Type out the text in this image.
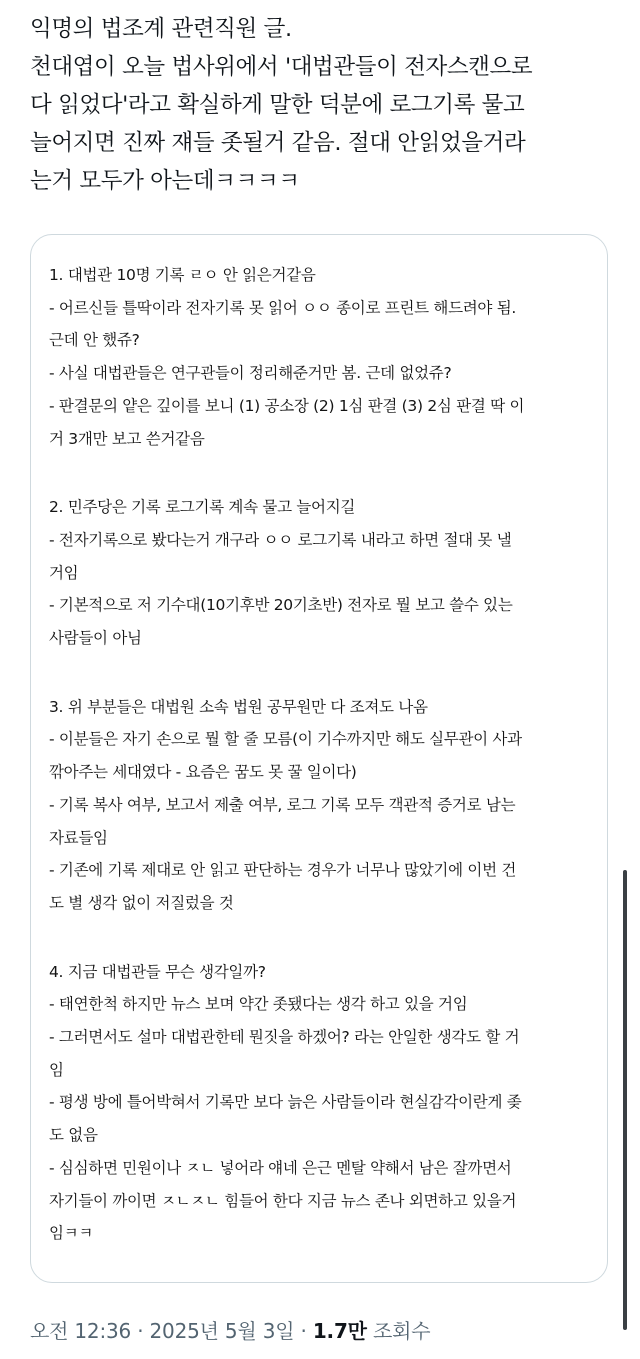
익명의 법조계 관련직원 글.
천대엽이 오늘 법사위에서 '대법관들이 전자스캔으로
다 읽었다'라고 확실하게 말한 덕분에 로그기록 물고
늘어지면 진짜 쟤들 좃될거 같음. 절대 안읽었을거라
는거 모두가 아는데ㅋㅋㅋㅋ
1. 대법관 10명 기록 ㄹㅇ 안 읽은거같음
- 어르신들 틀딱이라 전자기록 못 읽어 ㅇㅇ 종이로 프린트 해드려야 됨.
근데 안 했쥬?
- 사실 대법관들은 연구관들이 정리해준거만 봄. 근데 없었쥬?
- 판결문의 얕은 깊이를 보니 (1) 공소장 (2) 1심 판결 (3) 2심 판결 딱 이
거 3개만 보고 쓴거같음
2. 민주당은 기록 로그기록 계속 물고 늘어지길
- 전자기록으로 봤다는거 개구라 ㅇㅇ 로그기록 내라고 하면 절대 못 낼
거임
- 기본적으로 저 기수대(10기후반 20기초반) 전자로 뭘 보고 쓸수 있는
사람들이 아님
3. 위 부분들은 대법원 소속 법원 공무원만 다 조져도 나옴
- 이분들은 자기 손으로 뭘 할 줄 모름(이 기수까지만 해도 실무관이 사과
깎아주는 세대였다 - 요즘은 꿈도 못 꿀 일이다)
- 기록 복사 여부, 보고서 제출 여부, 로그 기록 모두 객관적 증거로 남는
자료들임
- 기존에 기록 제대로 안 읽고 판단하는 경우가 너무나 많았기에 이번 건
도 별 생각 없이 저질렀을 것
4. 지금 대법관들 무슨 생각일까?
- 태연한척 하지만 뉴스 보며 약간 좃됐다는 생각 하고 있을 거임
- 그러면서도 설마 대법관한테 뭔짓을 하겠어? 라는 안일한 생각도 할 거
임
- 평생 방에 틀어박혀서 기록만 보다 늙은 사람들이라 현실감각이란게 좆
도 없음
- 심심하면 민원이나 ㅈㄴ 넣어라 얘네 은근 멘탈 약해서 남은 잘까면서
자기들이 까이면 ㅈㄴㅈㄴ 힘들어 한다 지금 뉴스 존나 외면하고 있을거
임ㅋㅋ
오전 12:36 · 2025년 5월 3일 · 1.7만 조회수
